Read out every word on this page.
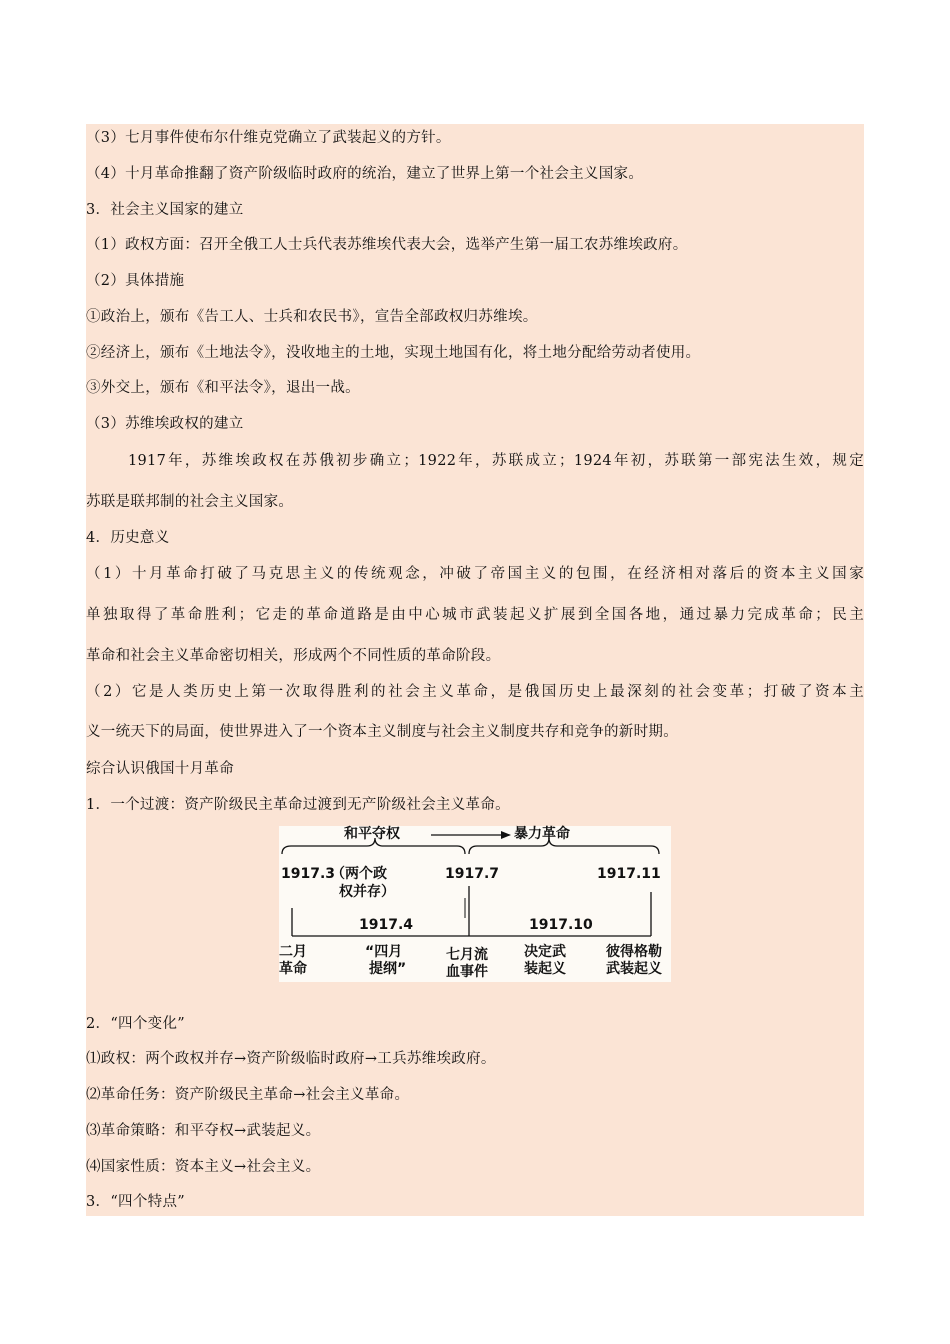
（3）七月事件使布尔什维克党确立了武装起义的方针。
（4）十月革命推翻了资产阶级临时政府的统治，建立了世界上第一个社会主义国家。
3．社会主义国家的建立
（1）政权方面：召开全俄工人士兵代表苏维埃代表大会，选举产生第一届工农苏维埃政府。
（2）具体措施
①政治上，颁布《告工人、士兵和农民书》，宣告全部政权归苏维埃。
②经济上，颁布《土地法令》，没收地主的土地，实现土地国有化，将土地分配给劳动者使用。
③外交上，颁布《和平法令》，退出一战。
（3）苏维埃政权的建立
1917年，苏维埃政权在苏俄初步确立；1922年，苏联成立；1924年初，苏联第一部宪法生效，规定
苏联是联邦制的社会主义国家。
4．历史意义
（1）十月革命打破了马克思主义的传统观念，冲破了帝国主义的包围，在经济相对落后的资本主义国家
单独取得了革命胜利；它走的革命道路是由中心城市武装起义扩展到全国各地，通过暴力完成革命；民主
革命和社会主义革命密切相关，形成两个不同性质的革命阶段。
（2）它是人类历史上第一次取得胜利的社会主义革命，是俄国历史上最深刻的社会变革；打破了资本主
义一统天下的局面，使世界进入了一个资本主义制度与社会主义制度共存和竞争的新时期。
综合认识俄国十月革命
1．一个过渡：资产阶级民主革命过渡到无产阶级社会主义革命。
和平夺权	暴力革命
1917.3
（两个政
权并存）
1917.7	1917.11
1917.4	1917.10
二月
革命
“四月
提纲”
七月流
血事件
决定武
装起义
彼得格勒
武装起义
2．“四个变化”
⑴政权：两个政权并存→资产阶级临时政府→工兵苏维埃政府。
⑵革命任务：资产阶级民主革命→社会主义革命。
⑶革命策略：和平夺权→武装起义。
⑷国家性质：资本主义→社会主义。
3．“四个特点”
